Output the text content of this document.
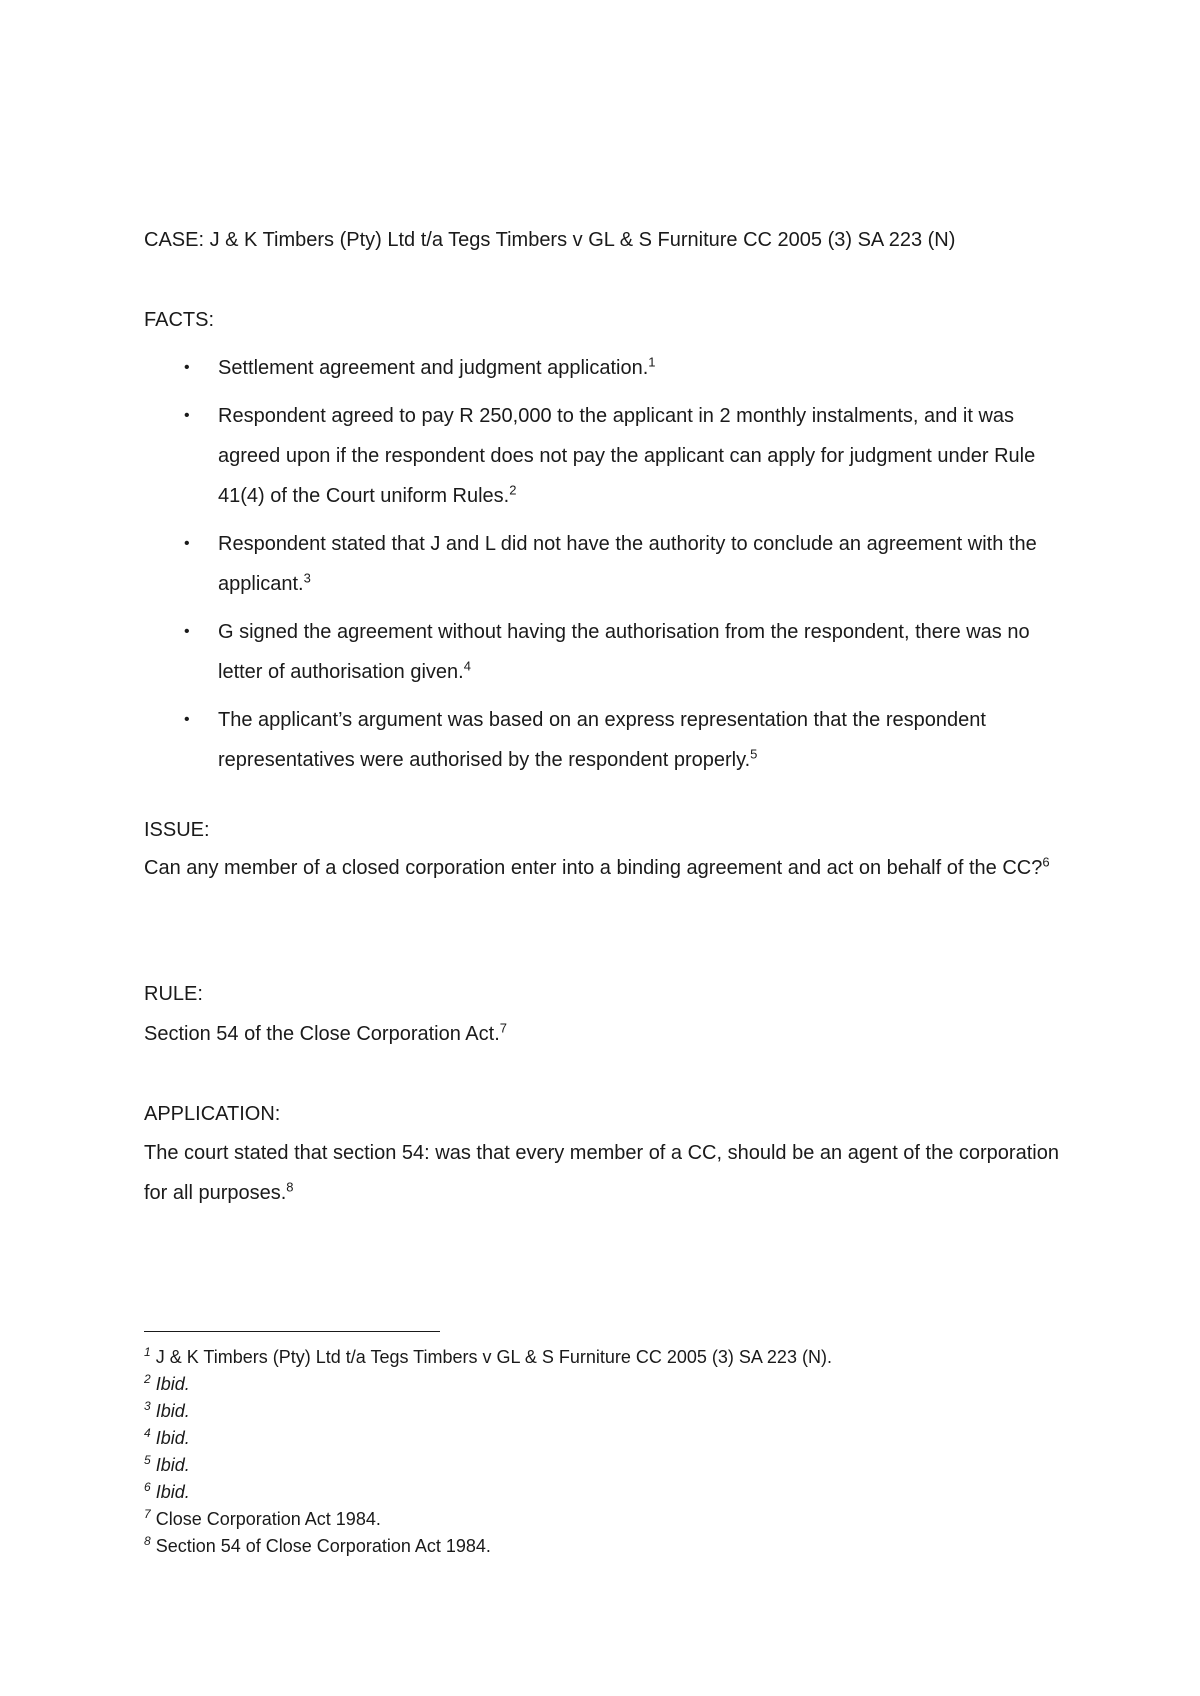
CASE: J & K Timbers (Pty) Ltd t/a Tegs Timbers v GL & S Furniture CC 2005 (3) SA 223 (N)
FACTS:
• Settlement agreement and judgment application.$^1$
• Respondent agreed to pay R 250,000 to the applicant in 2 monthly instalments, and it was agreed upon if the respondent does not pay the applicant can apply for judgment under Rule 41(4) of the Court uniform Rules.$^2$
• Respondent stated that J and L did not have the authority to conclude an agreement with the applicant.$^3$
• G signed the agreement without having the authorisation from the respondent, there was no letter of authorisation given.$^4$
• The applicant’s argument was based on an express representation that the respondent representatives were authorised by the respondent properly.$^5$
ISSUE:
Can any member of a closed corporation enter into a binding agreement and act on behalf of the CC?$^6$
RULE:
Section 54 of the Close Corporation Act.$^7$
APPLICATION:
The court stated that section 54: was that every member of a CC, should be an agent of the corporation for all purposes.$^8$
$^1$ J & K Timbers (Pty) Ltd t/a Tegs Timbers v GL & S Furniture CC 2005 (3) SA 223 (N).
$^2$ Ibid.
$^3$ Ibid.
$^4$ Ibid.
$^5$ Ibid.
$^6$ Ibid.
$^7$ Close Corporation Act 1984.
$^8$ Section 54 of Close Corporation Act 1984.
